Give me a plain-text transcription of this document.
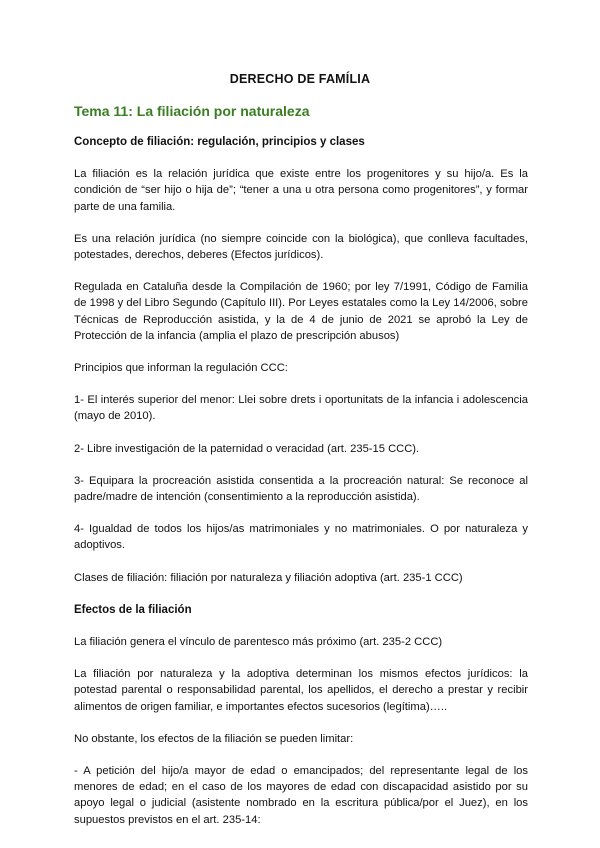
DERECHO DE FAMÍLIA
Tema 11: La filiación por naturaleza
Concepto de filiación: regulación, principios y clases

La filiación es la relación jurídica que existe entre los progenitores y su hijo/a. Es la condición de “ser hijo o hija de”; “tener a una u otra persona como progenitores”, y formar parte de una familia.

Es una relación jurídica (no siempre coincide con la biológica), que conlleva facultades, potestades, derechos, deberes (Efectos jurídicos).

Regulada en Cataluña desde la Compilación de 1960; por ley 7/1991, Código de Familia de 1998 y del Libro Segundo (Capítulo III). Por Leyes estatales como la Ley 14/2006, sobre Técnicas de Reproducción asistida, y la de 4 de junio de 2021 se aprobó la Ley de Protección de la infancia (amplia el plazo de prescripción abusos)

Principios que informan la regulación CCC:

1- El interés superior del menor: Llei sobre drets i oportunitats de la infancia i adolescencia (mayo de 2010).

2- Libre investigación de la paternidad o veracidad (art. 235-15 CCC).

3- Equipara la procreación asistida consentida a la procreación natural: Se reconoce al padre/madre de intención (consentimiento a la reproducción asistida).

4- Igualdad de todos los hijos/as matrimoniales y no matrimoniales. O por naturaleza y adoptivos.

Clases de filiación: filiación por naturaleza y filiación adoptiva (art. 235-1 CCC)

Efectos de la filiación

La filiación genera el vínculo de parentesco más próximo (art. 235-2 CCC)

La filiación por naturaleza y la adoptiva determinan los mismos efectos jurídicos: la potestad parental o responsabilidad parental, los apellidos, el derecho a prestar y recibir alimentos de origen familiar, e importantes efectos sucesorios (legítima)…..

No obstante, los efectos de la filiación se pueden limitar:

- A petición del hijo/a mayor de edad o emancipados; del representante legal de los menores de edad; en el caso de los mayores de edad con discapacidad asistido por su apoyo legal o judicial (asistente nombrado en la escritura pública/por el Juez), en los supuestos previstos en el art. 235-14:
